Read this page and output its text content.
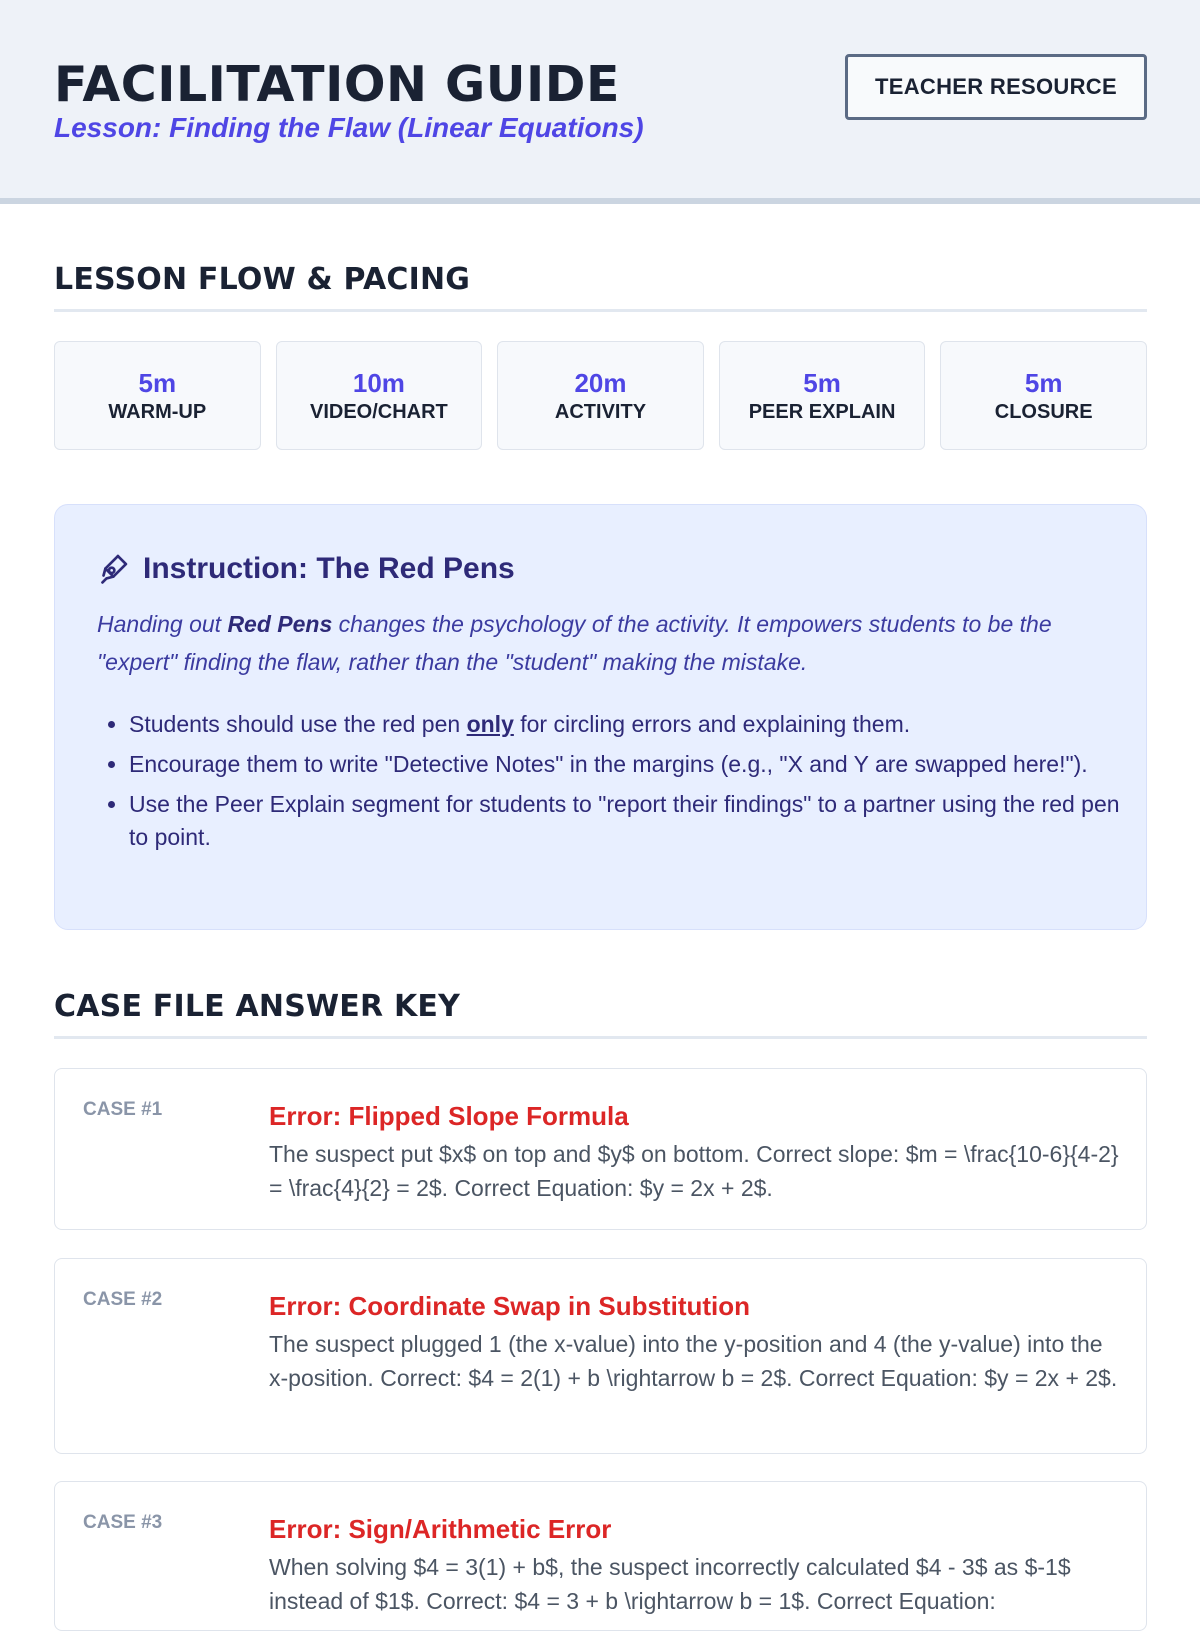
FACILITATION GUIDE
Lesson: Finding the Flaw (Linear Equations)
TEACHER RESOURCE
LESSON FLOW & PACING
5m
WARM-UP
10m
VIDEO/CHART
20m
ACTIVITY
5m
PEER EXPLAIN
5m
CLOSURE
Instruction: The Red Pens

Handing out Red Pens changes the psychology of the activity. It empowers students to be the "expert" finding the flaw, rather than the "student" making the mistake.

• Students should use the red pen only for circling errors and explaining them.
• Encourage them to write "Detective Notes" in the margins (e.g., "X and Y are swapped here!").
• Use the Peer Explain segment for students to "report their findings" to a partner using the red pen to point.
CASE FILE ANSWER KEY
CASE #1	Error: Flipped Slope Formula
The suspect put $x$ on top and $y$ on bottom. Correct slope: $m = \frac{10-6}{4-2} = \frac{4}{2} = 2$. Correct Equation: $y = 2x + 2$.
CASE #2	Error: Coordinate Swap in Substitution
The suspect plugged 1 (the x-value) into the y-position and 4 (the y-value) into the x-position. Correct: $4 = 2(1) + b \rightarrow b = 2$. Correct Equation: $y = 2x + 2$.
CASE #3	Error: Sign/Arithmetic Error
When solving $4 = 3(1) + b$, the suspect incorrectly calculated $4 - 3$ as $-1$ instead of $1$. Correct: $4 = 3 + b \rightarrow b = 1$. Correct Equation:
